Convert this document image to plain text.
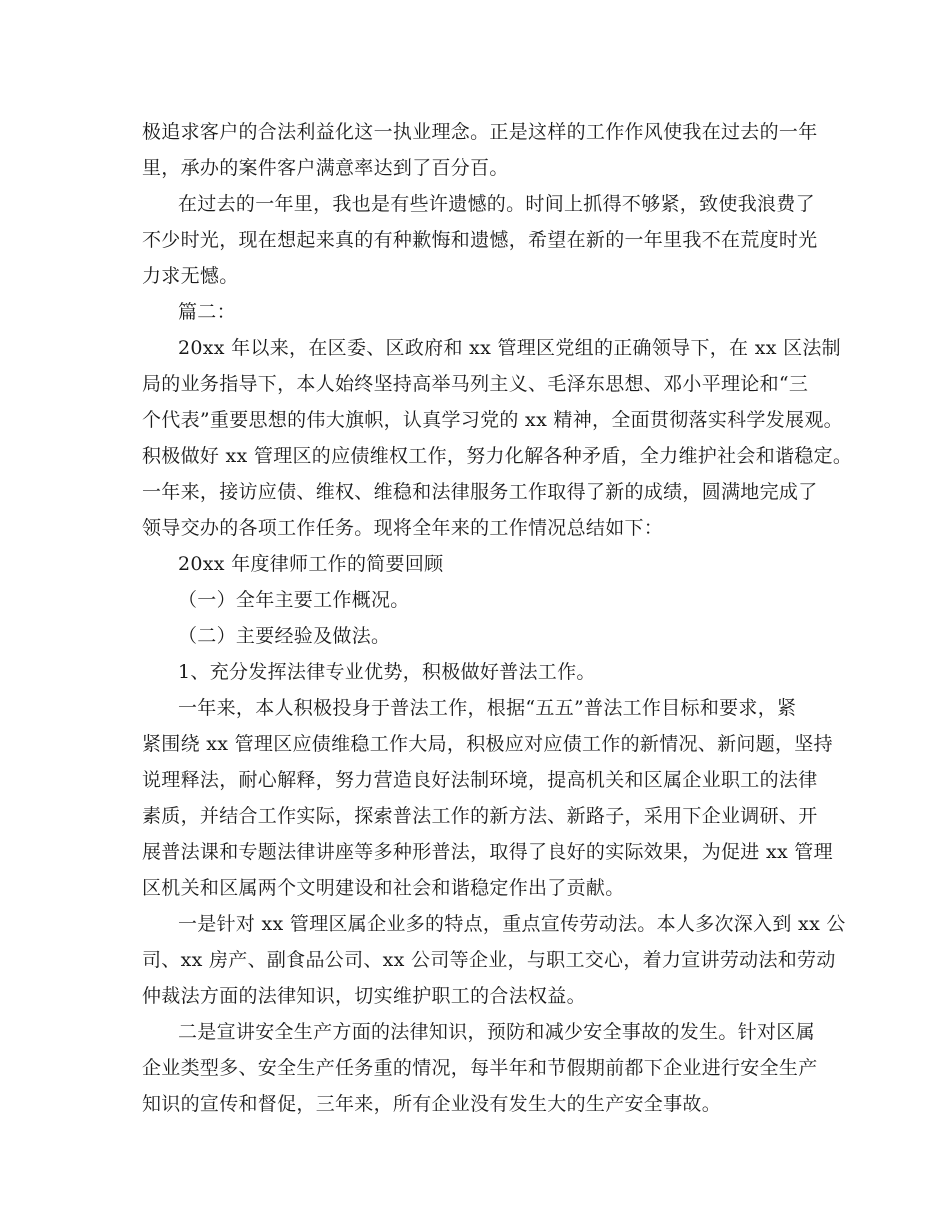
极追求客户的合法利益化这一执业理念。正是这样的工作作风使我在过去的一年
里，承办的案件客户满意率达到了百分百。
在过去的一年里，我也是有些许遗憾的。时间上抓得不够紧，致使我浪费了
不少时光，现在想起来真的有种歉悔和遗憾，希望在新的一年里我不在荒度时光
力求无憾。
篇二：
20xx 年以来，在区委、区政府和 xx 管理区党组的正确领导下，在 xx 区法制
局的业务指导下，本人始终坚持高举马列主义、毛泽东思想、邓小平理论和“三
个代表”重要思想的伟大旗帜，认真学习党的 xx 精神，全面贯彻落实科学发展观。
积极做好 xx 管理区的应债维权工作，努力化解各种矛盾，全力维护社会和谐稳定。
一年来，接访应债、维权、维稳和法律服务工作取得了新的成绩，圆满地完成了
领导交办的各项工作任务。现将全年来的工作情况总结如下：
20xx 年度律师工作的简要回顾
（一）全年主要工作概况。
（二）主要经验及做法。
1、充分发挥法律专业优势，积极做好普法工作。
一年来，本人积极投身于普法工作，根据“五五”普法工作目标和要求，紧
紧围绕 xx 管理区应债维稳工作大局，积极应对应债工作的新情况、新问题，坚持
说理释法，耐心解释，努力营造良好法制环境，提高机关和区属企业职工的法律
素质，并结合工作实际，探索普法工作的新方法、新路子，采用下企业调研、开
展普法课和专题法律讲座等多种形普法，取得了良好的实际效果，为促进 xx 管理
区机关和区属两个文明建设和社会和谐稳定作出了贡献。
一是针对 xx 管理区属企业多的特点，重点宣传劳动法。本人多次深入到 xx 公
司、xx 房产、副食品公司、xx 公司等企业，与职工交心，着力宣讲劳动法和劳动
仲裁法方面的法律知识，切实维护职工的合法权益。
二是宣讲安全生产方面的法律知识，预防和减少安全事故的发生。针对区属
企业类型多、安全生产任务重的情况，每半年和节假期前都下企业进行安全生产
知识的宣传和督促，三年来，所有企业没有发生大的生产安全事故。
